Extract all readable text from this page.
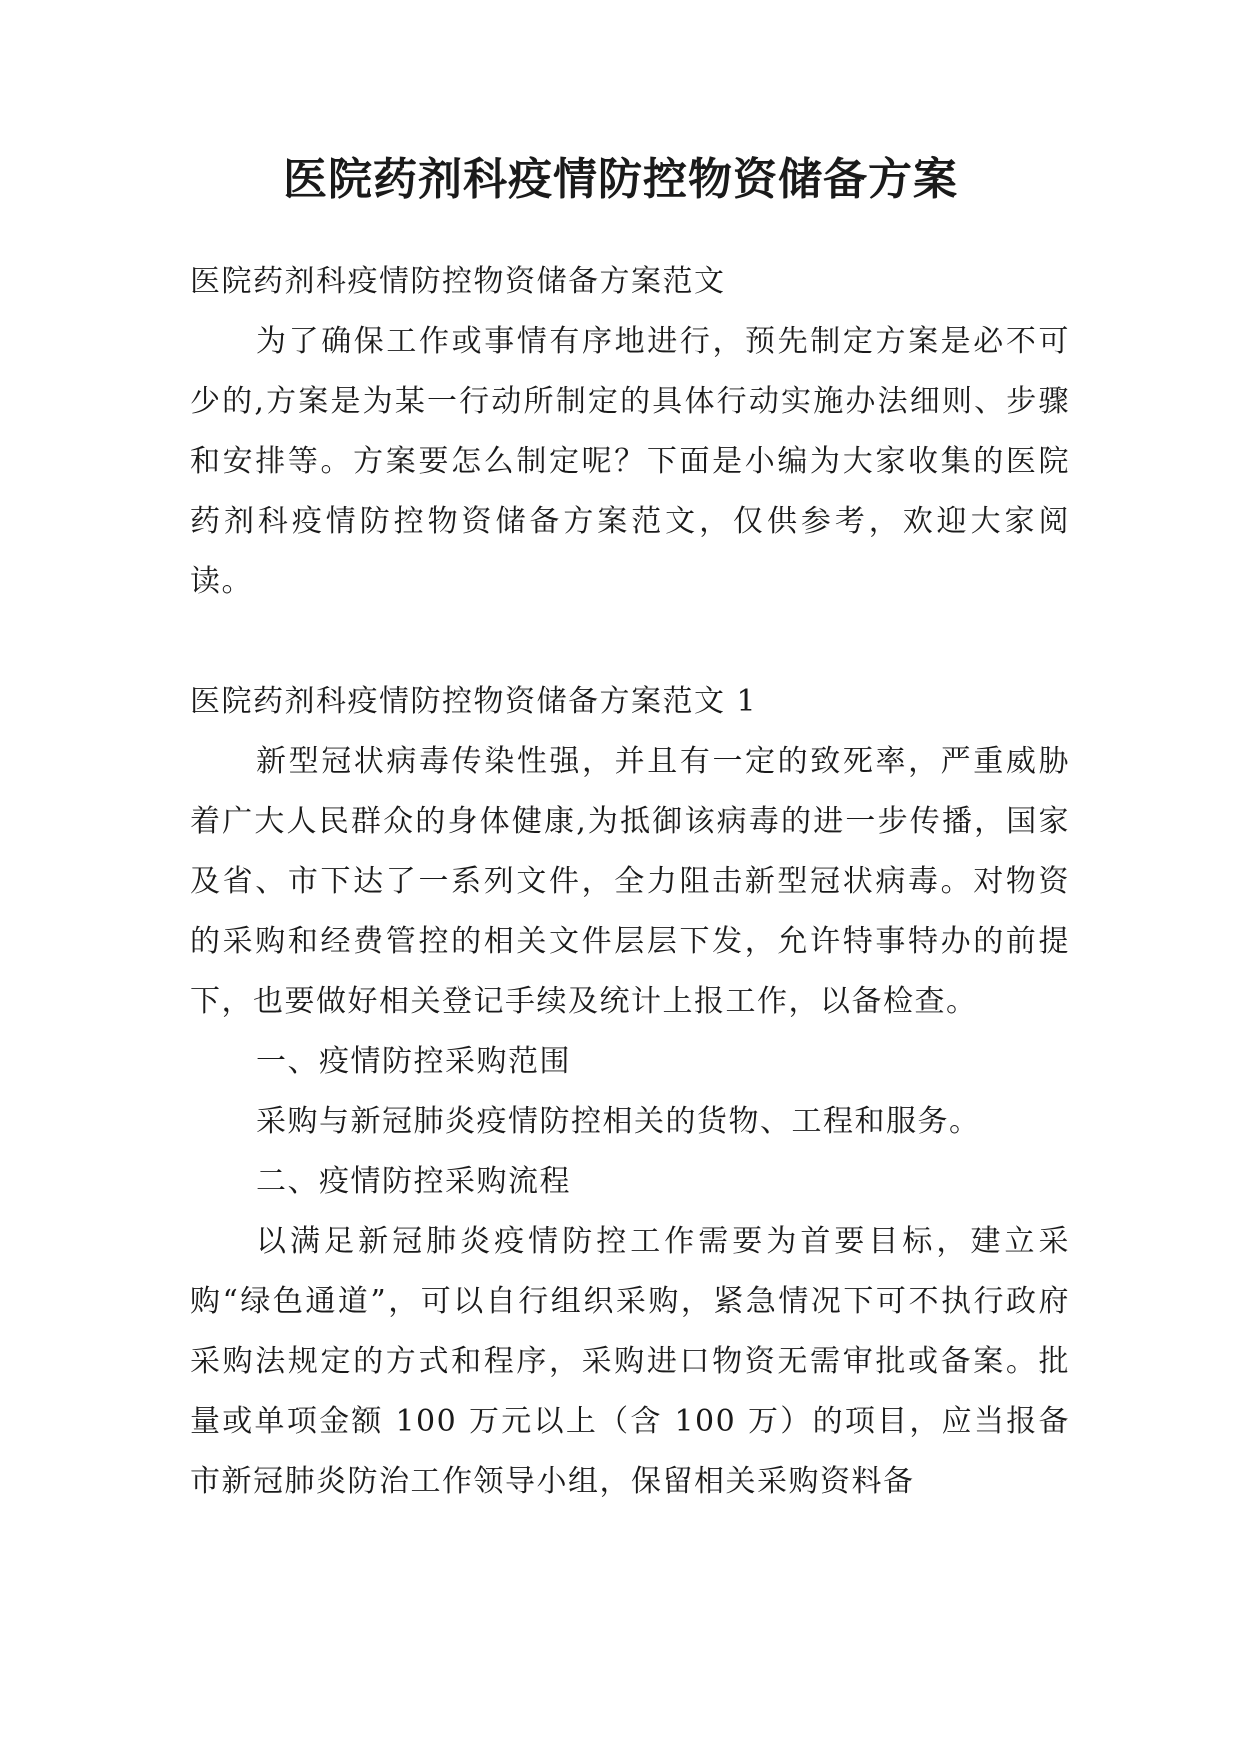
医院药剂科疫情防控物资储备方案

医院药剂科疫情防控物资储备方案范文

为了确保工作或事情有序地进行，预先制定方案是必不可少的,方案是为某一行动所制定的具体行动实施办法细则、步骤和安排等。方案要怎么制定呢？下面是小编为大家收集的医院药剂科疫情防控物资储备方案范文，仅供参考，欢迎大家阅读。

医院药剂科疫情防控物资储备方案范文 1

新型冠状病毒传染性强，并且有一定的致死率，严重威胁着广大人民群众的身体健康,为抵御该病毒的进一步传播，国家及省、市下达了一系列文件，全力阻击新型冠状病毒。对物资的采购和经费管控的相关文件层层下发，允许特事特办的前提下，也要做好相关登记手续及统计上报工作，以备检查。

一、疫情防控采购范围

采购与新冠肺炎疫情防控相关的货物、工程和服务。

二、疫情防控采购流程

以满足新冠肺炎疫情防控工作需要为首要目标，建立采购“绿色通道”，可以自行组织采购，紧急情况下可不执行政府采购法规定的方式和程序，采购进口物资无需审批或备案。批量或单项金额 100 万元以上（含 100 万）的项目，应当报备市新冠肺炎防治工作领导小组，保留相关采购资料备
